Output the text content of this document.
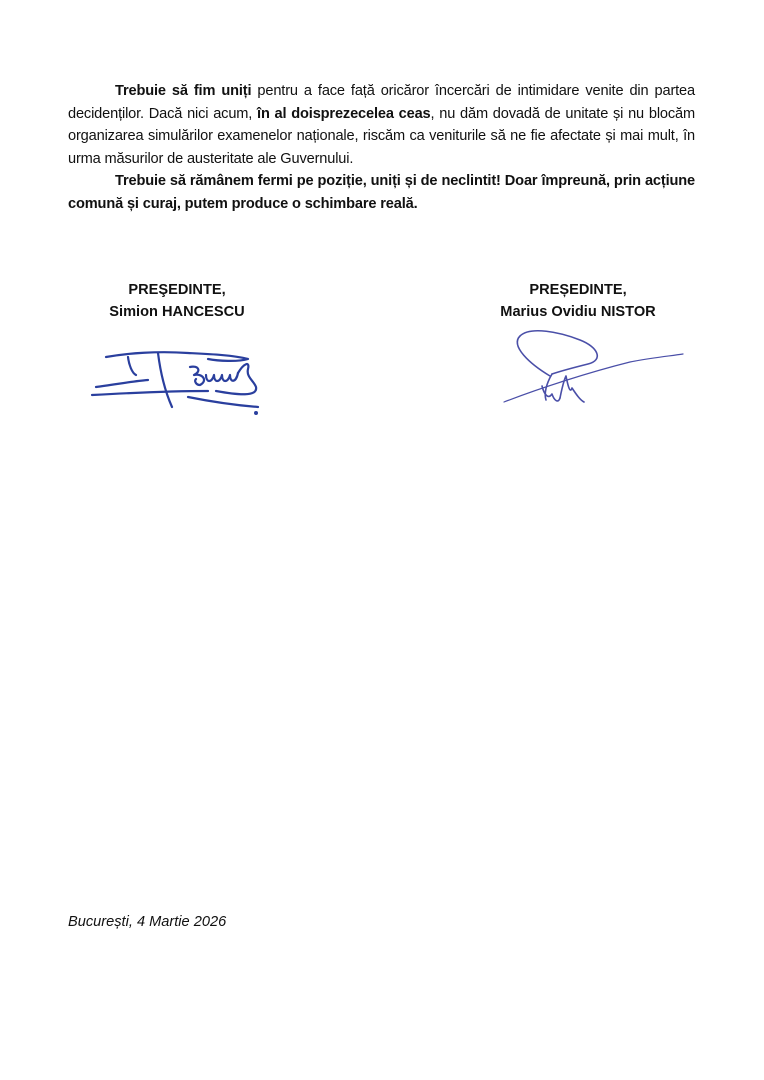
Trebuie să fim uniți pentru a face față oricăror încercări de intimidare venite din partea decidenților. Dacă nici acum, în al doisprezecelea ceas, nu dăm dovadă de unitate și nu blocăm organizarea simulărilor examenelor naționale, riscăm ca veniturile să ne fie afectate și mai mult, în urma măsurilor de austeritate ale Guvernului.

Trebuie să rămânem fermi pe poziție, uniți și de neclintit! Doar împreună, prin acțiune comună și curaj, putem produce o schimbare reală.

PREŞEDINTE,
Simion HANCESCU
PREȘEDINTE,
Marius Ovidiu NISTOR
București, 4 Martie 2026
